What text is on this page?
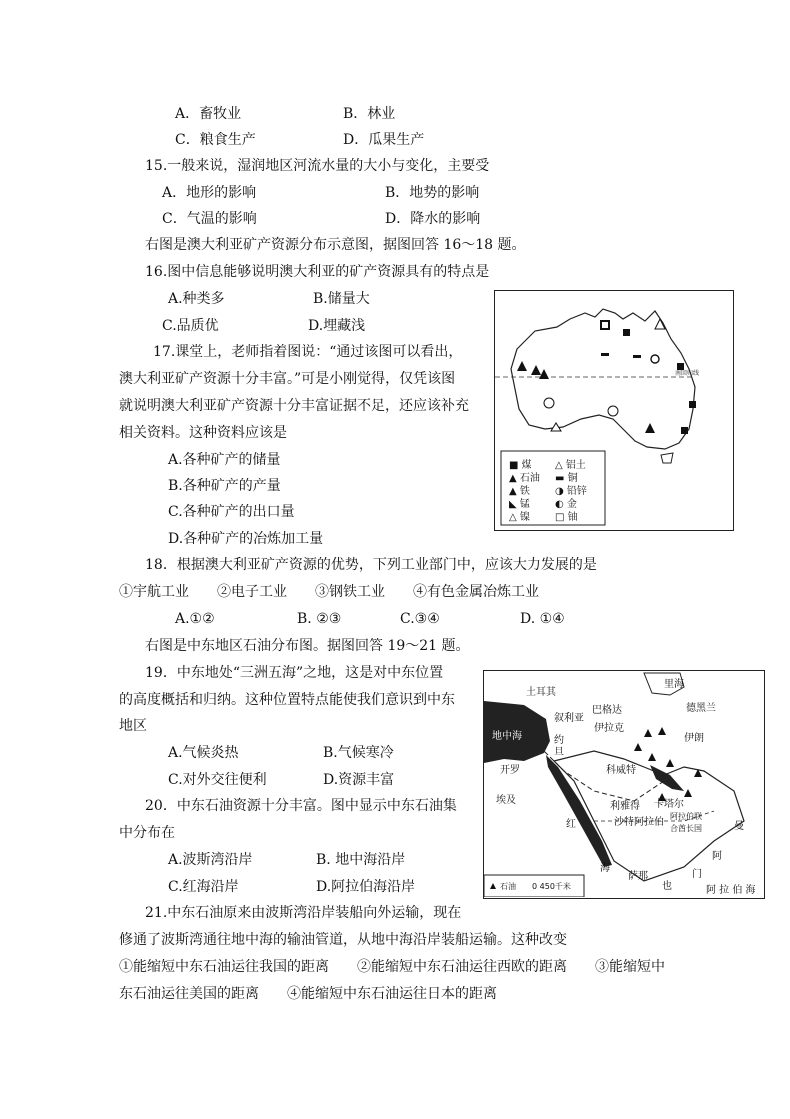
A．畜牧业	B．林业
C．粮食生产	D．瓜果生产
15.一般来说，湿润地区河流水量的大小与变化，主要受
A．地形的影响	B．地势的影响
C．气温的影响	D．降水的影响
右图是澳大利亚矿产资源分布示意图，据图回答 16～18 题。
16.图中信息能够说明澳大利亚的矿产资源具有的特点是
A.种类多	B.储量大
C.品质优	D.埋藏浅
17.课堂上，老师指着图说：“通过该图可以看出，
澳大利亚矿产资源十分丰富。”可是小刚觉得，仅凭该图
就说明澳大利亚矿产资源十分丰富证据不足，还应该补充
相关资料。这种资料应该是
A.各种矿产的储量
B.各种矿产的产量
C.各种矿产的出口量
D.各种矿产的冶炼加工量
18．根据澳大利亚矿产资源的优势，下列工业部门中，应该大力发展的是
①宇航工业　　②电子工业　　③钢铁工业　　④有色金属冶炼工业
A.①②	B. ②③	C.③④	D. ①④
右图是中东地区石油分布图。据图回答 19～21 题。
19．中东地处“三洲五海”之地，这是对中东位置
的高度概括和归纳。这种位置特点能使我们意识到中东
地区
A.气候炎热	B.气候寒冷
C.对外交往便利	D.资源丰富
20．中东石油资源十分丰富。图中显示中东石油集
中分布在
A.波斯湾沿岸	B. 地中海沿岸
C.红海沿岸	D.阿拉伯海沿岸
21.中东石油原来由波斯湾沿岸装船向外运输，现在
修通了波斯湾通往地中海的输油管道，从地中海沿岸装船运输。这种改变
①能缩短中东石油运往我国的距离　　②能缩短中东石油运往西欧的距离　　③能缩短中
东石油运往美国的距离　　④能缩短中东石油运往日本的距离
南回归线
■ 煤	△ 铝土
▲ 石油	▬ 铜
▲ 铁	◑ 铅锌
◣ 锰	◐ 金
△ 镍	□ 铀
土耳其
里海
德黑兰
地中海
叙利亚
巴格达
伊拉克
伊朗
约
旦
开罗	科威特
埃及
利雅得 卡塔尔
沙特阿拉伯
阿拉伯联
合酋长国	曼
红
海
也
门
萨那
阿
阿 拉 伯 海
石油 0 450千米
